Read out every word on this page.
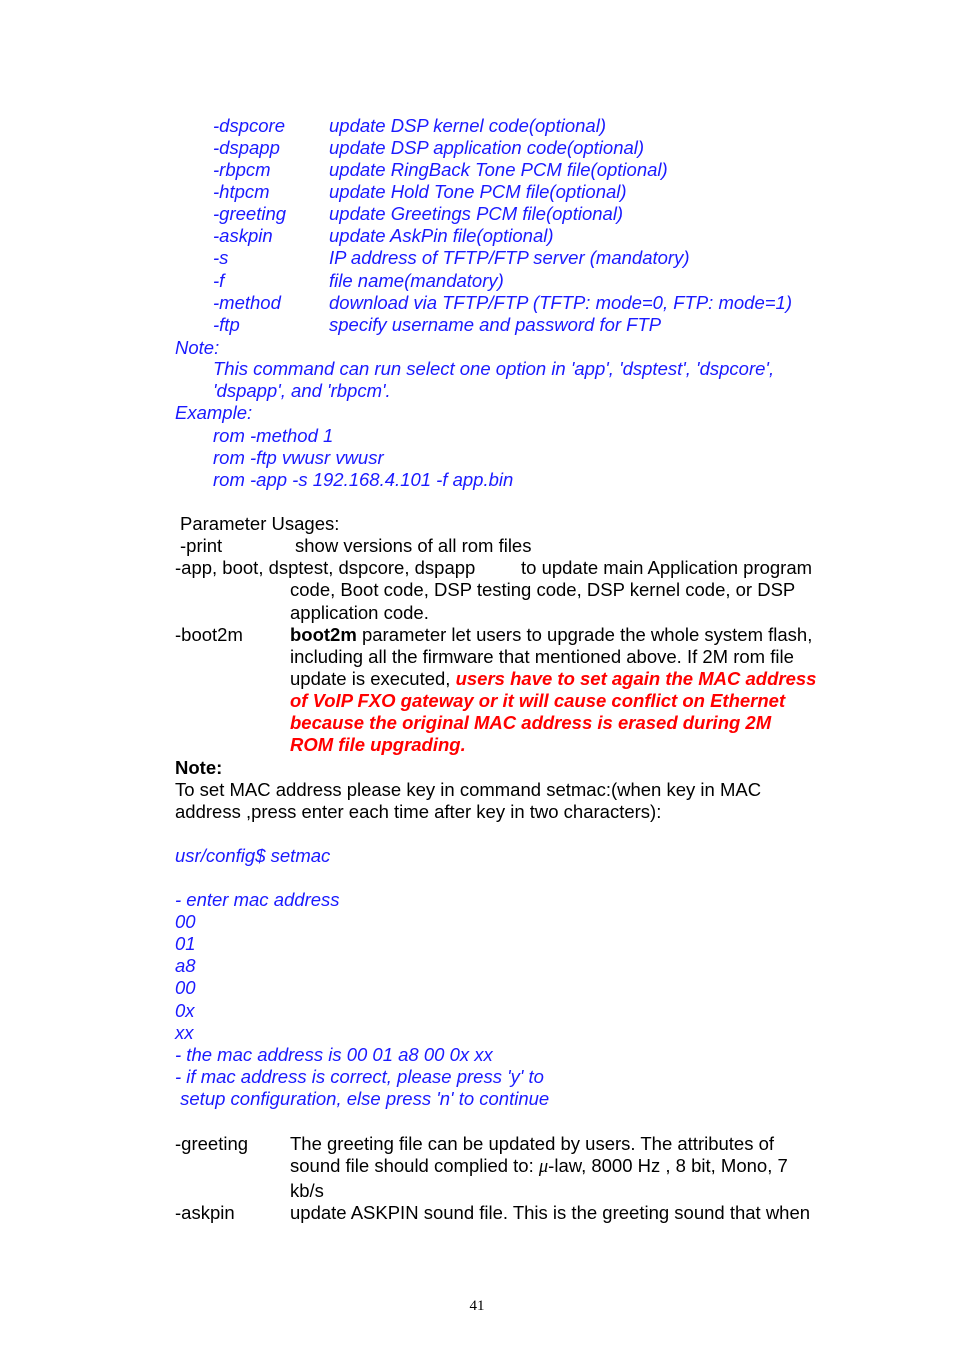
-dspcore update DSP kernel code(optional)
-dspapp	update DSP application code(optional)
-rbpcm	update RingBack Tone PCM file(optional)
-htpcm	update Hold Tone PCM file(optional)
-greeting update Greetings PCM file(optional)
-askpin	update AskPin file(optional)
-s	IP address of TFTP/FTP server (mandatory)
-f	file name(mandatory)
-method	download via TFTP/FTP (TFTP: mode=0, FTP: mode=1)
-ftp	specify username and password for FTP
Note:
This command can run select one option in 'app', 'dsptest', 'dspcore',
'dspapp', and 'rbpcm'.
Example:
rom -method 1
rom -ftp vwusr vwusr
rom -app -s 192.168.4.101 -f app.bin
Parameter Usages:
-print	show versions of all rom files
-app, boot, dsptest, dspcore, dspapp to update main Application program
code, Boot code, DSP testing code, DSP kernel code, or DSP
application code.
-boot2m	boot2m parameter let users to upgrade the whole system flash,
including all the firmware that mentioned above. If 2M rom file
update is executed, users have to set again the MAC address
of VoIP FXO gateway or it will cause conflict on Ethernet
because the original MAC address is erased during 2M
ROM file upgrading.
Note:
To set MAC address please key in command setmac:(when key in MAC
address ,press enter each time after key in two characters):
usr/config$ setmac
- enter mac address
00
01
a8
00
0x
xx
- the mac address is 00 01 a8 00 0x xx
- if mac address is correct, please press 'y' to
setup configuration, else press 'n' to continue
-greeting The greeting file can be updated by users. The attributes of
sound file should complied to: μ-law, 8000 Hz , 8 bit, Mono, 7
kb/s
-askpin	update ASKPIN sound file. This is the greeting sound that when
41
